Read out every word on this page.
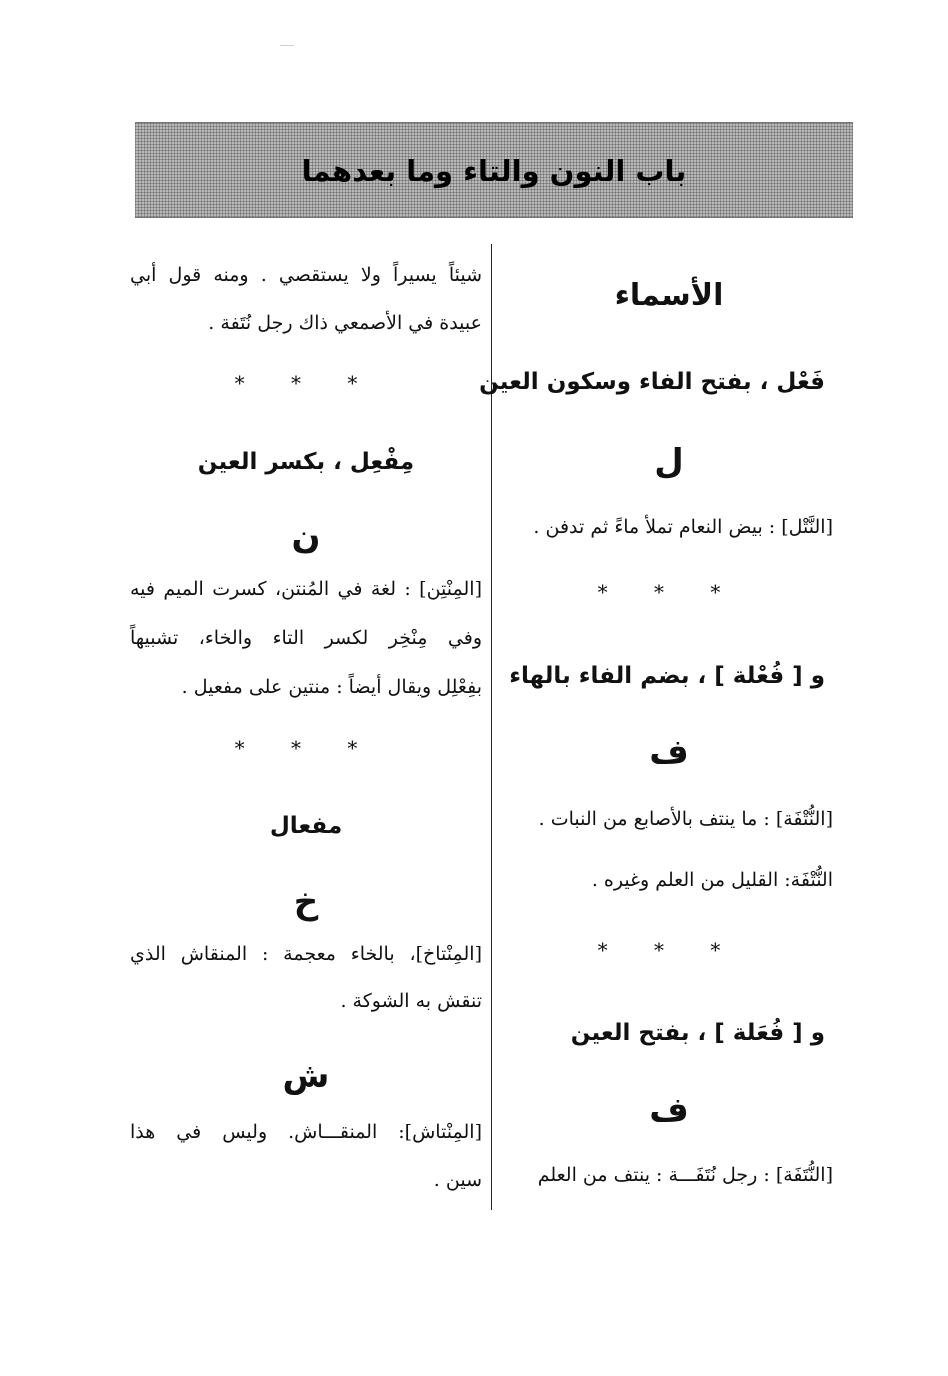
باب النون والتاء وما بعدهما
الأسماء
فَعْل ، بفتح الفاء وسكون العين
ل
[النَّتْل] : بيض النعام تملأ ماءً ثم تدفن .
* * *
و [ فُعْلة ] ، بضم الفاء بالهاء
ف
[النُّتْفَة] : ما ينتف بالأصابع من النبات .
النُّتْفَة: القليل من العلم وغيره .
* * *
و [ فُعَلة ] ، بفتح العين
ف
[النُّتَفَة] : رجل نُتَفَـــة : ينتف من العلم
شيئاً يسيراً ولا يستقصي . ومنه قول أبي
عبيدة في الأصمعي ذاك رجل نُتَفة .
* * *
مِفْعِل ، بكسر العين
ن
[المِنْتِن] : لغة في المُنتن، كسرت الميم فيه
وفي مِنْخِر لكسر التاء والخاء، تشبيهاً
بفِعْلِل ويقال أيضاً : منتين على مفعيل .
* * *
مفعال
خ
[المِنْتاخ]، بالخاء معجمة : المنقاش الذي
تنقش به الشوكة .
ش
[المِنْتاش]: المنقـــاش. وليس في هذا
سين .
